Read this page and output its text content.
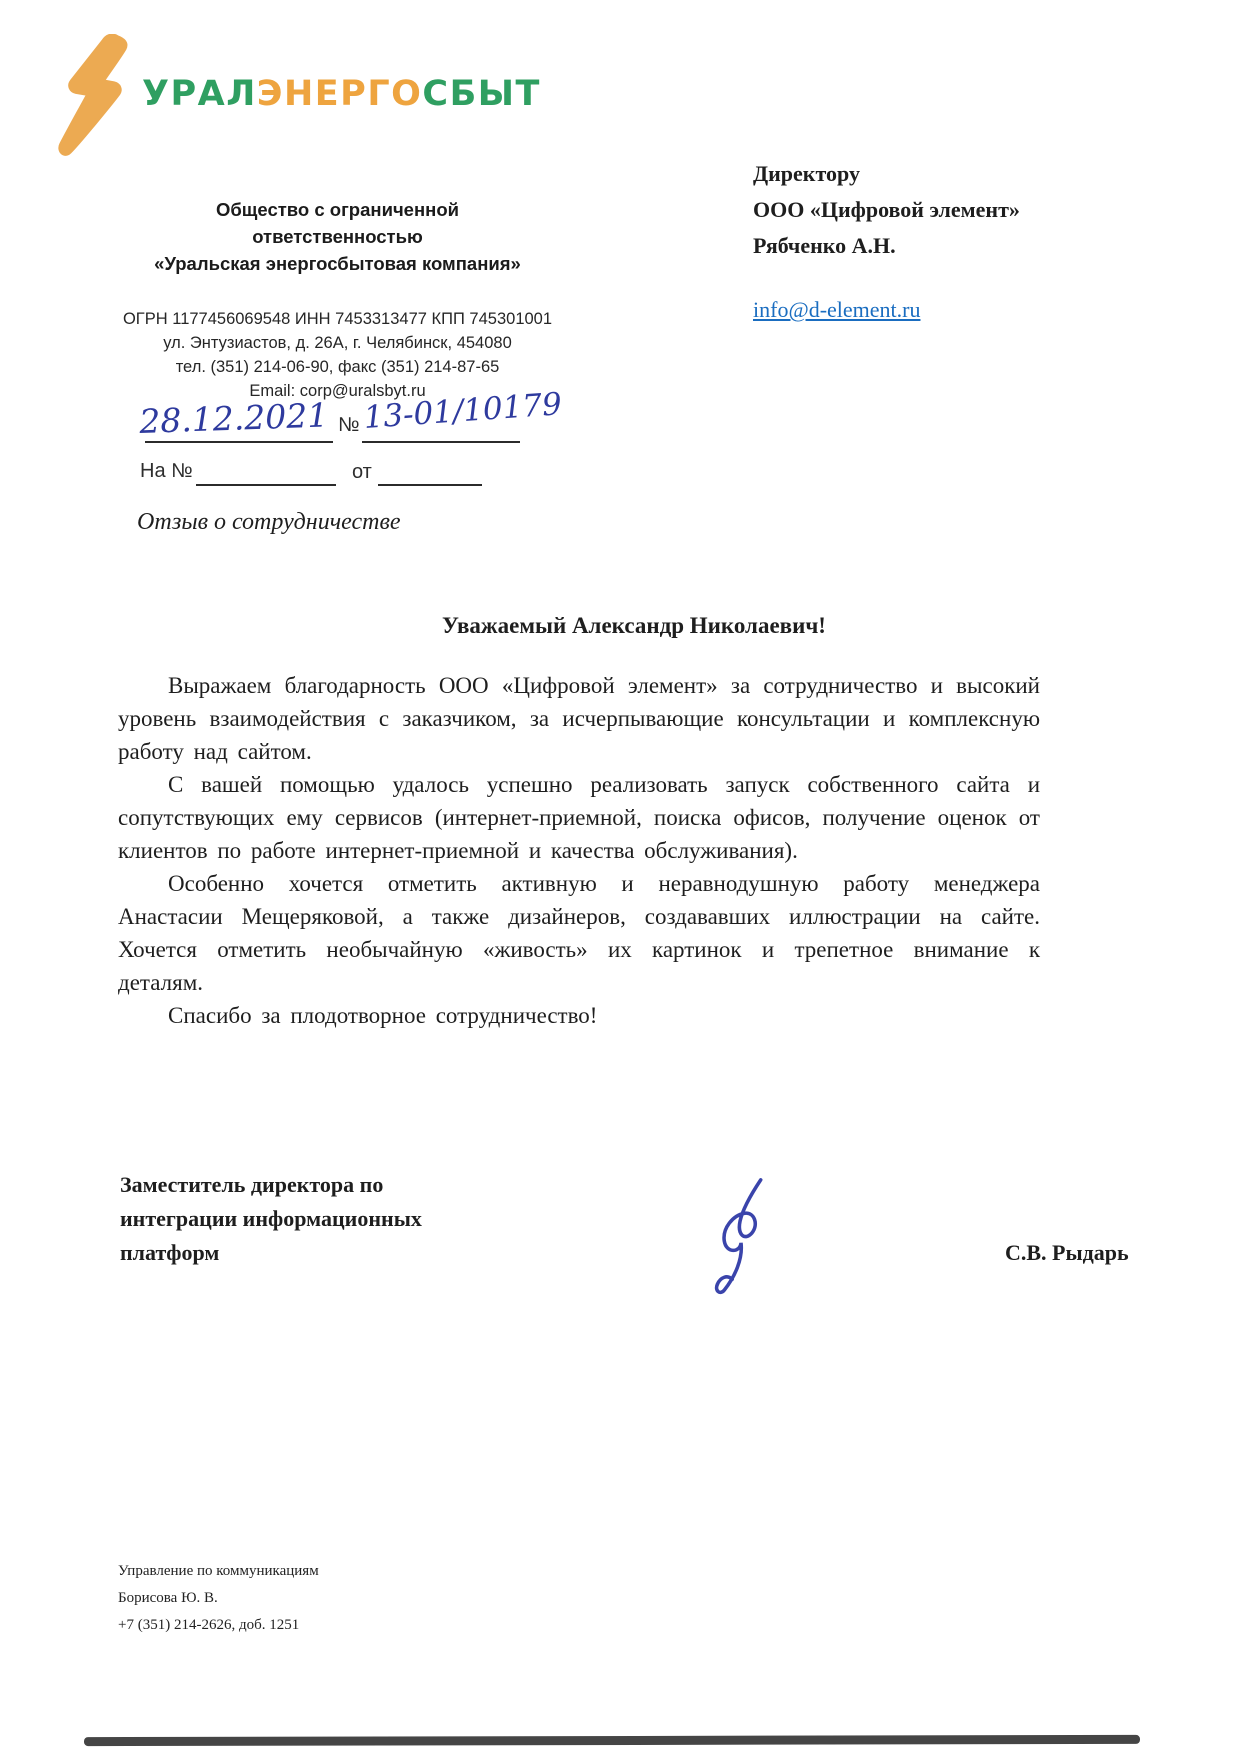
УРАЛЭНЕРГОСБЫТ
Общество с ограниченной
ответственностью
«Уральская энергосбытовая компания»
ОГРН 1177456069548 ИНН 7453313477 КПП 745301001
ул. Энтузиастов, д. 26А, г. Челябинск, 454080
тел. (351) 214-06-90, факс (351) 214-87-65
Email: corp@uralsbyt.ru
28.12.2021 № 13-01/10179
На №	от
Директору
ООО «Цифровой элемент»
Рябченко А.Н.
info@d-element.ru
Отзыв о сотрудничестве
Уважаемый Александр Николаевич!

Выражаем благодарность ООО «Цифровой элемент» за сотрудничество и высокий уровень взаимодействия с заказчиком, за исчерпывающие консультации и комплексную работу над сайтом.

С вашей помощью удалось успешно реализовать запуск собственного сайта и сопутствующих ему сервисов (интернет-приемной, поиска офисов, получение оценок от клиентов по работе интернет-приемной и качества обслуживания).

Особенно хочется отметить активную и неравнодушную работу менеджера Анастасии Мещеряковой, а также дизайнеров, создававших иллюстрации на сайте. Хочется отметить необычайную «живость» их картинок и трепетное внимание к деталям.

Спасибо за плодотворное сотрудничество!

Заместитель директора по
интеграции информационных
платформ	С.В. Рыдарь
Управление по коммуникациям
Борисова Ю. В.
+7 (351) 214-2626, доб. 1251
